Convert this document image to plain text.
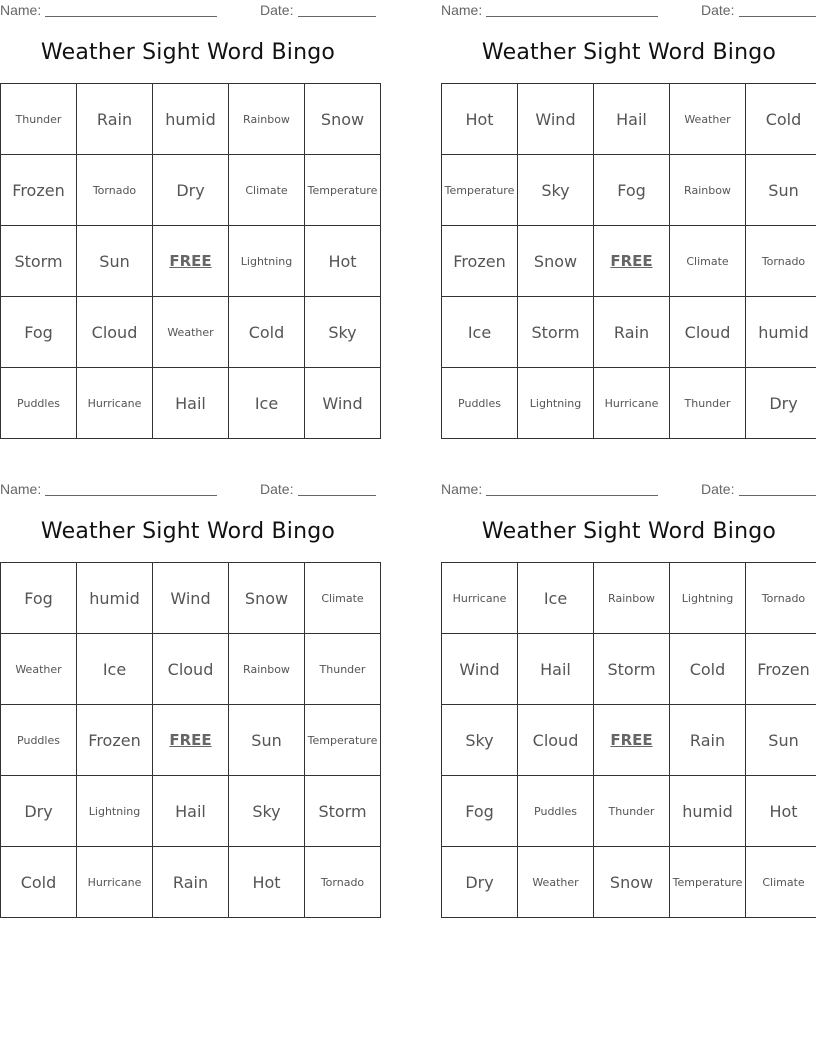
Name:	Date:
Weather Sight Word Bingo
Thunder	Rain	humid	Rainbow	Snow
Frozen	Tornado	Dry	Climate	Temperature
Storm	Sun	FREE	Lightning	Hot
Fog	Cloud	Weather	Cold	Sky
Puddles	Hurricane	Hail	Ice	Wind
Name:	Date:
Weather Sight Word Bingo
Hot	Wind	Hail	Weather	Cold
Temperature	Sky	Fog	Rainbow	Sun
Frozen	Snow	FREE	Climate	Tornado
Ice	Storm	Rain	Cloud	humid
Puddles	Lightning	Hurricane	Thunder	Dry
Name:	Date:
Weather Sight Word Bingo
Fog	humid	Wind	Snow	Climate
Weather	Ice	Cloud	Rainbow	Thunder
Puddles	Frozen	FREE	Sun	Temperature
Dry	Lightning	Hail	Sky	Storm
Cold	Hurricane	Rain	Hot	Tornado
Name:	Date:
Weather Sight Word Bingo
Hurricane	Ice	Rainbow	Lightning	Tornado
Wind	Hail	Storm	Cold	Frozen
Sky	Cloud	FREE	Rain	Sun
Fog	Puddles	Thunder	humid	Hot
Dry	Weather	Snow	Temperature	Climate
